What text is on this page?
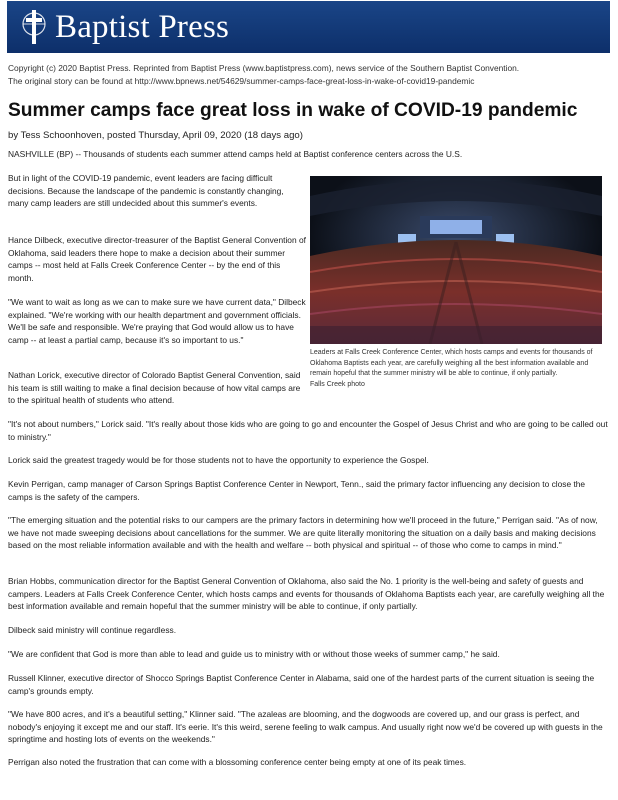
Baptist Press
Copyright (c) 2020 Baptist Press. Reprinted from Baptist Press (www.baptistpress.com), news service of the Southern Baptist Convention.
The original story can be found at http://www.bpnews.net/54629/summer-camps-face-great-loss-in-wake-of-covid19-pandemic
Summer camps face great loss in wake of COVID-19 pandemic
by Tess Schoonhoven, posted Thursday, April 09, 2020 (18 days ago)

NASHVILLE (BP) -- Thousands of students each summer attend camps held at Baptist conference centers across the U.S.

But in light of the COVID-19 pandemic, event leaders are facing difficult decisions. Because the landscape of the pandemic is constantly changing, many camp leaders are still undecided about this summer's events.

Hance Dilbeck, executive director-treasurer of the Baptist General Convention of Oklahoma, said leaders there hope to make a decision about their summer camps -- most held at Falls Creek Conference Center -- by the end of this month.

"We want to wait as long as we can to make sure we have current data," Dilbeck explained. "We're working with our health department and government officials. We'll be safe and responsible. We're praying that God would allow us to have camp -- at least a partial camp, because it's so important to us."

Nathan Lorick, executive director of Colorado Baptist General Convention, said his team is still waiting to make a final decision because of how vital camps are to the spiritual health of students who attend.

Leaders at Falls Creek Conference Center, which hosts camps and events for thousands of Oklahoma Baptists each year, are carefully weighing all the best information available and remain hopeful that the summer ministry will be able to continue, if only partially.
Falls Creek photo

"It's not about numbers," Lorick said. "It's really about those kids who are going to go and encounter the Gospel of Jesus Christ and who are going to be called out to ministry."

Lorick said the greatest tragedy would be for those students not to have the opportunity to experience the Gospel.

Kevin Perrigan, camp manager of Carson Springs Baptist Conference Center in Newport, Tenn., said the primary factor influencing any decision to close the camps is the safety of the campers.

"The emerging situation and the potential risks to our campers are the primary factors in determining how we'll proceed in the future," Perrigan said. "As of now, we have not made sweeping decisions about cancellations for the summer. We are quite literally monitoring the situation on a daily basis and making decisions based on the most reliable information available and with the health and welfare -- both physical and spiritual -- of those who come to camps in mind."

Brian Hobbs, communication director for the Baptist General Convention of Oklahoma, also said the No. 1 priority is the well-being and safety of guests and campers. Leaders at Falls Creek Conference Center, which hosts camps and events for thousands of Oklahoma Baptists each year, are carefully weighing all the best information available and remain hopeful that the summer ministry will be able to continue, if only partially.

Dilbeck said ministry will continue regardless.

"We are confident that God is more than able to lead and guide us to ministry with or without those weeks of summer camp," he said.

Russell Klinner, executive director of Shocco Springs Baptist Conference Center in Alabama, said one of the hardest parts of the current situation is seeing the camp's grounds empty.

"We have 800 acres, and it's a beautiful setting," Klinner said. "The azaleas are blooming, and the dogwoods are covered up, and our grass is perfect, and nobody's enjoying it except me and our staff. It's eerie. It's this weird, serene feeling to walk campus. And usually right now we'd be covered up with guests in the springtime and hosting lots of events on the weekends."

Perrigan also noted the frustration that can come with a blossoming conference center being empty at one of its peak times.
